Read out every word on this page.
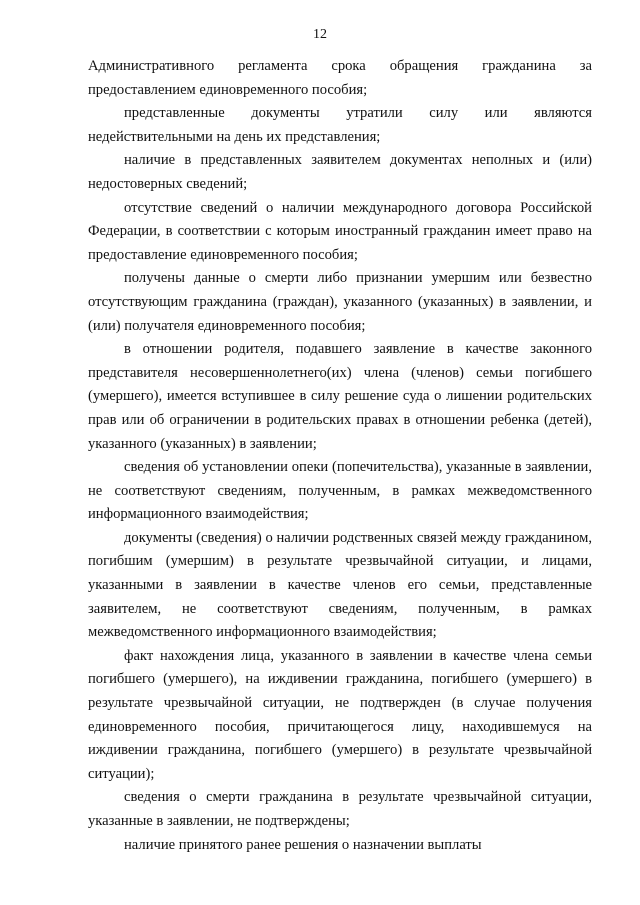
12

Административного регламента срока обращения гражданина за предоставлением единовременного пособия;

представленные документы утратили силу или являются недействительными на день их представления;

наличие в представленных заявителем документах неполных и (или) недостоверных сведений;

отсутствие сведений о наличии международного договора Российской Федерации, в соответствии с которым иностранный гражданин имеет право на предоставление единовременного пособия;

получены данные о смерти либо признании умершим или безвестно отсутствующим гражданина (граждан), указанного (указанных) в заявлении, и (или) получателя единовременного пособия;

в отношении родителя, подавшего заявление в качестве законного представителя несовершеннолетнего(их) члена (членов) семьи погибшего (умершего), имеется вступившее в силу решение суда о лишении родительских прав или об ограничении в родительских правах в отношении ребенка (детей), указанного (указанных) в заявлении;

сведения об установлении опеки (попечительства), указанные в заявлении, не соответствуют сведениям, полученным, в рамках межведомственного информационного взаимодействия;

документы (сведения) о наличии родственных связей между гражданином, погибшим (умершим) в результате чрезвычайной ситуации, и лицами, указанными в заявлении в качестве членов его семьи, представленные заявителем, не соответствуют сведениям, полученным, в рамках межведомственного информационного взаимодействия;

факт нахождения лица, указанного в заявлении в качестве члена семьи погибшего (умершего), на иждивении гражданина, погибшего (умершего) в результате чрезвычайной ситуации, не подтвержден (в случае получения единовременного пособия, причитающегося лицу, находившемуся на иждивении гражданина, погибшего (умершего) в результате чрезвычайной ситуации);

сведения о смерти гражданина в результате чрезвычайной ситуации, указанные в заявлении, не подтверждены;

наличие принятого ранее решения о назначении выплаты
